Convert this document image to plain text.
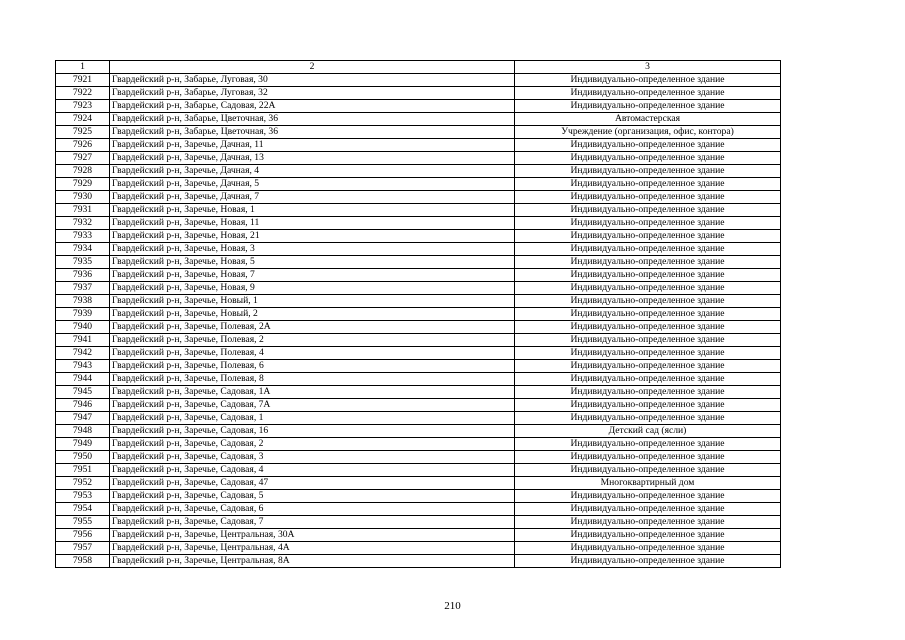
1	2	3
7921	Гвардейский р-н, Забарье, Луговая, 30	Индивидуально-определенное здание
7922	Гвардейский р-н, Забарье, Луговая, 32	Индивидуально-определенное здание
7923	Гвардейский р-н, Забарье, Садовая, 22А	Индивидуально-определенное здание
7924	Гвардейский р-н, Забарье, Цветочная, 36	Автомастерская
7925	Гвардейский р-н, Забарье, Цветочная, 36	Учреждение (организация, офис, контора)
7926	Гвардейский р-н, Заречье, Дачная, 11	Индивидуально-определенное здание
7927	Гвардейский р-н, Заречье, Дачная, 13	Индивидуально-определенное здание
7928	Гвардейский р-н, Заречье, Дачная, 4	Индивидуально-определенное здание
7929	Гвардейский р-н, Заречье, Дачная, 5	Индивидуально-определенное здание
7930	Гвардейский р-н, Заречье, Дачная, 7	Индивидуально-определенное здание
7931	Гвардейский р-н, Заречье, Новая, 1	Индивидуально-определенное здание
7932	Гвардейский р-н, Заречье, Новая, 11	Индивидуально-определенное здание
7933	Гвардейский р-н, Заречье, Новая, 21	Индивидуально-определенное здание
7934	Гвардейский р-н, Заречье, Новая, 3	Индивидуально-определенное здание
7935	Гвардейский р-н, Заречье, Новая, 5	Индивидуально-определенное здание
7936	Гвардейский р-н, Заречье, Новая, 7	Индивидуально-определенное здание
7937	Гвардейский р-н, Заречье, Новая, 9	Индивидуально-определенное здание
7938	Гвардейский р-н, Заречье, Новый, 1	Индивидуально-определенное здание
7939	Гвардейский р-н, Заречье, Новый, 2	Индивидуально-определенное здание
7940	Гвардейский р-н, Заречье, Полевая, 2А	Индивидуально-определенное здание
7941	Гвардейский р-н, Заречье, Полевая, 2	Индивидуально-определенное здание
7942	Гвардейский р-н, Заречье, Полевая, 4	Индивидуально-определенное здание
7943	Гвардейский р-н, Заречье, Полевая, 6	Индивидуально-определенное здание
7944	Гвардейский р-н, Заречье, Полевая, 8	Индивидуально-определенное здание
7945	Гвардейский р-н, Заречье, Садовая, 1А	Индивидуально-определенное здание
7946	Гвардейский р-н, Заречье, Садовая, 7А	Индивидуально-определенное здание
7947	Гвардейский р-н, Заречье, Садовая, 1	Индивидуально-определенное здание
7948	Гвардейский р-н, Заречье, Садовая, 16	Детский сад (ясли)
7949	Гвардейский р-н, Заречье, Садовая, 2	Индивидуально-определенное здание
7950	Гвардейский р-н, Заречье, Садовая, 3	Индивидуально-определенное здание
7951	Гвардейский р-н, Заречье, Садовая, 4	Индивидуально-определенное здание
7952	Гвардейский р-н, Заречье, Садовая, 47	Многоквартирный дом
7953	Гвардейский р-н, Заречье, Садовая, 5	Индивидуально-определенное здание
7954	Гвардейский р-н, Заречье, Садовая, 6	Индивидуально-определенное здание
7955	Гвардейский р-н, Заречье, Садовая, 7	Индивидуально-определенное здание
7956	Гвардейский р-н, Заречье, Центральная, 30А	Индивидуально-определенное здание
7957	Гвардейский р-н, Заречье, Центральная, 4А	Индивидуально-определенное здание
7958	Гвардейский р-н, Заречье, Центральная, 8А	Индивидуально-определенное здание
210
